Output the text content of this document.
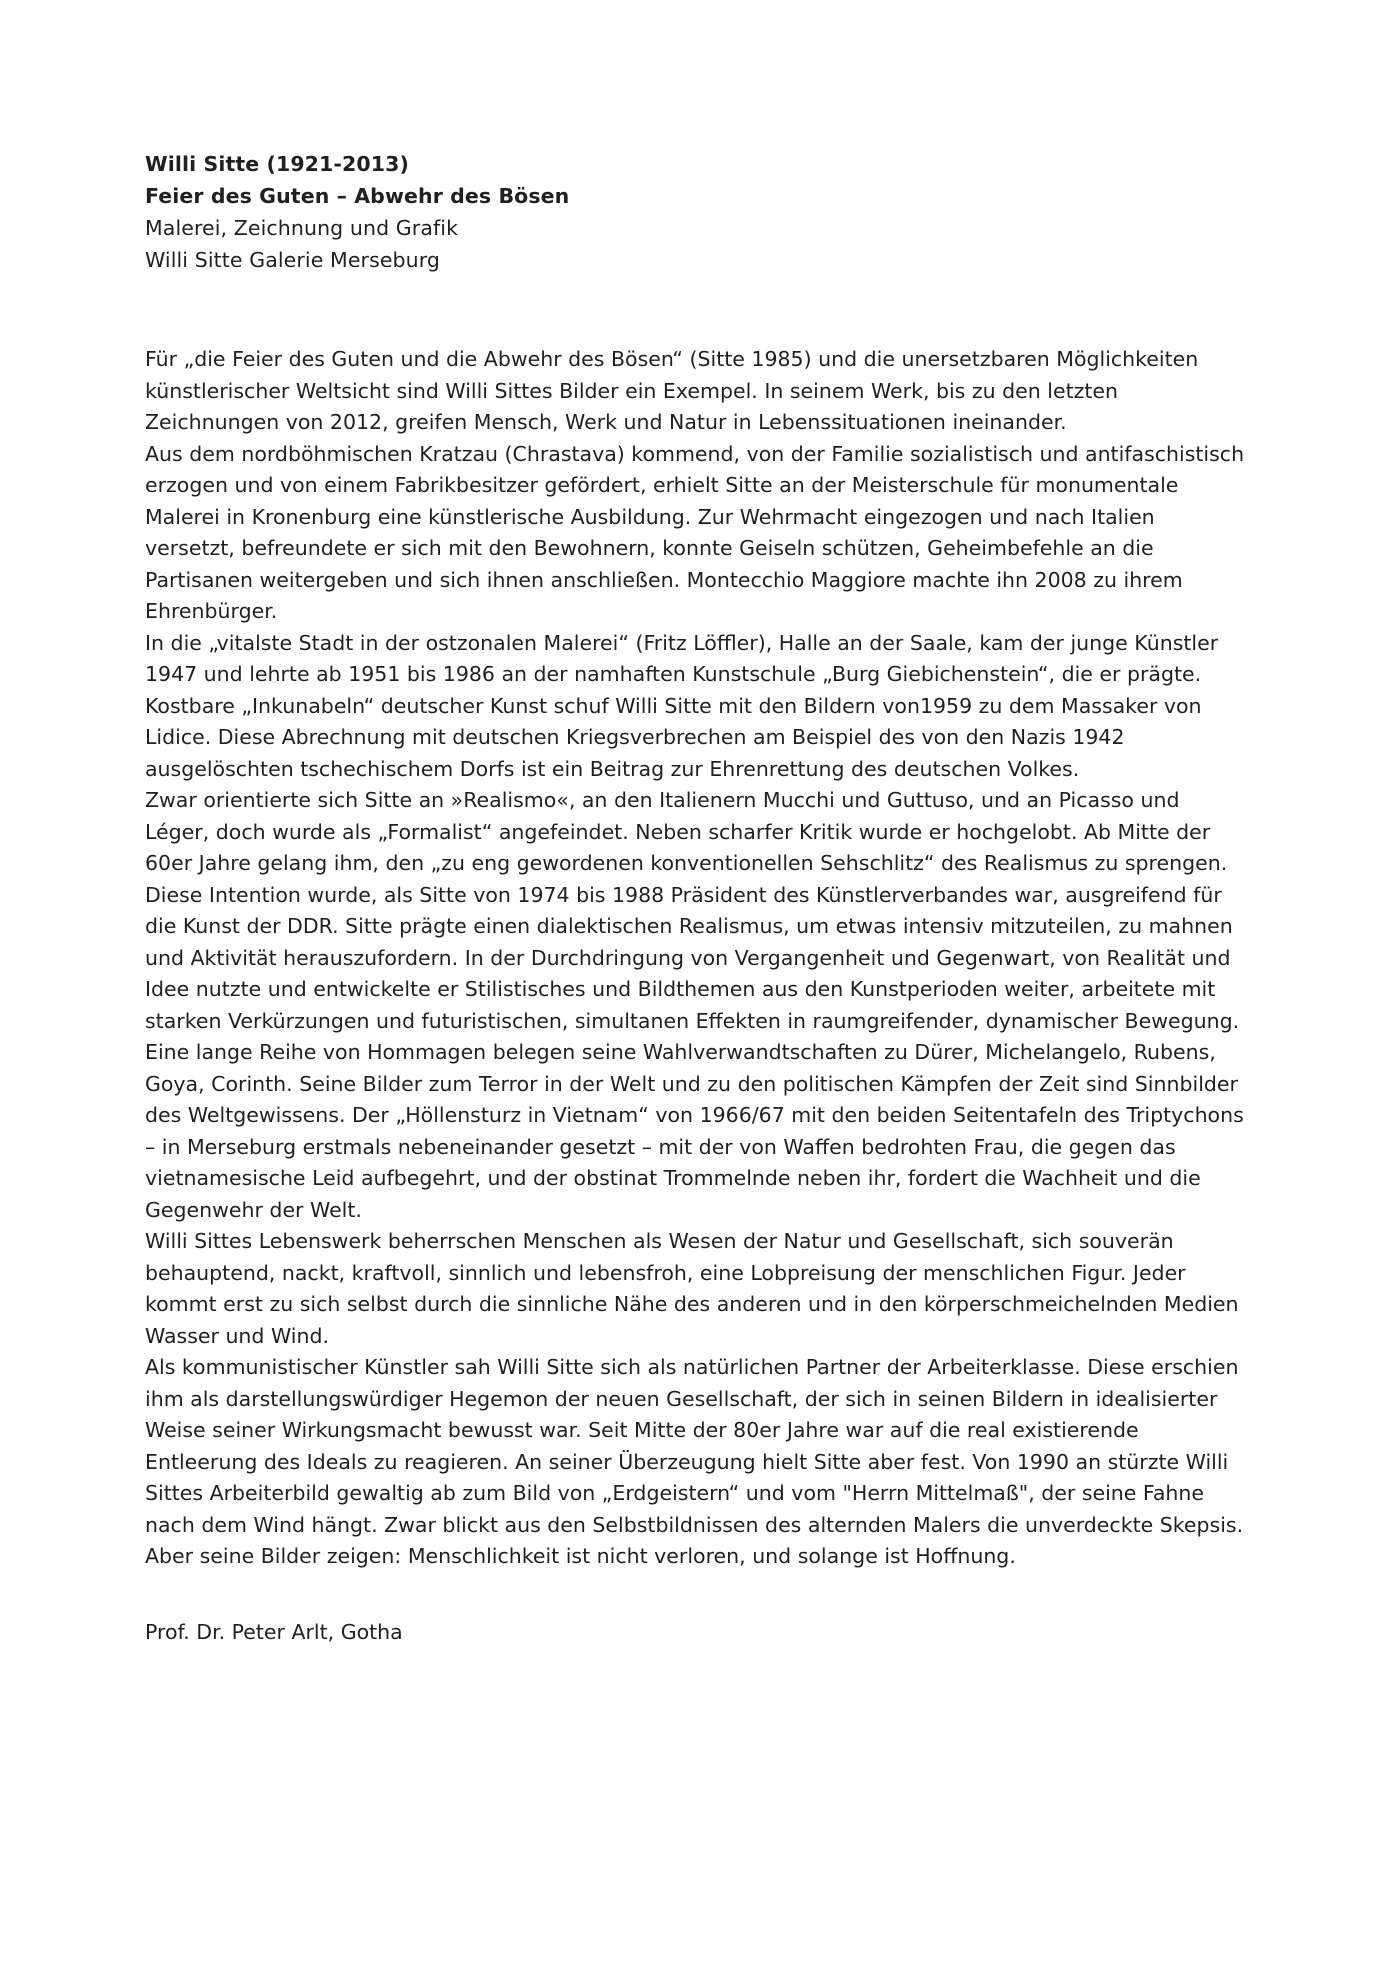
Willi Sitte (1921-2013)
Feier des Guten – Abwehr des Bösen
Malerei, Zeichnung und Grafik
Willi Sitte Galerie Merseburg

Für „die Feier des Guten und die Abwehr des Bösen“ (Sitte 1985) und die unersetzbaren Möglichkeiten künstlerischer Weltsicht sind Willi Sittes Bilder ein Exempel. In seinem Werk, bis zu den letzten Zeichnungen von 2012, greifen Mensch, Werk und Natur in Lebenssituationen ineinander.

Aus dem nordböhmischen Kratzau (Chrastava) kommend, von der Familie sozialistisch und antifaschistisch erzogen und von einem Fabrikbesitzer gefördert, erhielt Sitte an der Meisterschule für monumentale Malerei in Kronenburg eine künstlerische Ausbildung. Zur Wehrmacht eingezogen und nach Italien versetzt, befreundete er sich mit den Bewohnern, konnte Geiseln schützen, Geheimbefehle an die Partisanen weitergeben und sich ihnen anschließen. Montecchio Maggiore machte ihn 2008 zu ihrem Ehrenbürger.

In die „vitalste Stadt in der ostzonalen Malerei“ (Fritz Löffler), Halle an der Saale, kam der junge Künstler 1947 und lehrte ab 1951 bis 1986 an der namhaften Kunstschule „Burg Giebichenstein“, die er prägte. Kostbare „Inkunabeln“ deutscher Kunst schuf Willi Sitte mit den Bildern von1959 zu dem Massaker von Lidice. Diese Abrechnung mit deutschen Kriegsverbrechen am Beispiel des von den Nazis 1942 ausgelöschten tschechischem Dorfs ist ein Beitrag zur Ehrenrettung des deutschen Volkes.

Zwar orientierte sich Sitte an »Realismo«, an den Italienern Mucchi und Guttuso, und an Picasso und Léger, doch wurde als „Formalist“ angefeindet. Neben scharfer Kritik wurde er hochgelobt. Ab Mitte der 60er Jahre gelang ihm, den „zu eng gewordenen konventionellen Sehschlitz“ des Realismus zu sprengen. Diese Intention wurde, als Sitte von 1974 bis 1988 Präsident des Künstlerverbandes war, ausgreifend für die Kunst der DDR. Sitte prägte einen dialektischen Realismus, um etwas intensiv mitzuteilen, zu mahnen und Aktivität herauszufordern. In der Durchdringung von Vergangenheit und Gegenwart, von Realität und Idee nutzte und entwickelte er Stilistisches und Bildthemen aus den Kunstperioden weiter, arbeitete mit starken Verkürzungen und futuristischen, simultanen Effekten in raumgreifender, dynamischer Bewegung. Eine lange Reihe von Hommagen belegen seine Wahlverwandtschaften zu Dürer, Michelangelo, Rubens, Goya, Corinth. Seine Bilder zum Terror in der Welt und zu den politischen Kämpfen der Zeit sind Sinnbilder des Weltgewissens. Der „Höllensturz in Vietnam“ von 1966/67 mit den beiden Seitentafeln des Triptychons – in Merseburg erstmals nebeneinander gesetzt – mit der von Waffen bedrohten Frau, die gegen das vietnamesische Leid aufbegehrt, und der obstinat Trommelnde neben ihr, fordert die Wachheit und die Gegenwehr der Welt.

Willi Sittes Lebenswerk beherrschen Menschen als Wesen der Natur und Gesellschaft, sich souverän behauptend, nackt, kraftvoll, sinnlich und lebensfroh, eine Lobpreisung der menschlichen Figur. Jeder kommt erst zu sich selbst durch die sinnliche Nähe des anderen und in den körperschmeichelnden Medien Wasser und Wind.

Als kommunistischer Künstler sah Willi Sitte sich als natürlichen Partner der Arbeiterklasse. Diese erschien ihm als darstellungswürdiger Hegemon der neuen Gesellschaft, der sich in seinen Bildern in idealisierter Weise seiner Wirkungsmacht bewusst war. Seit Mitte der 80er Jahre war auf die real existierende Entleerung des Ideals zu reagieren. An seiner Überzeugung hielt Sitte aber fest. Von 1990 an stürzte Willi Sittes Arbeiterbild gewaltig ab zum Bild von „Erdgeistern“ und vom "Herrn Mittelmaß", der seine Fahne nach dem Wind hängt. Zwar blickt aus den Selbstbildnissen des alternden Malers die unverdeckte Skepsis. Aber seine Bilder zeigen: Menschlichkeit ist nicht verloren, und solange ist Hoffnung.

Prof. Dr. Peter Arlt, Gotha
